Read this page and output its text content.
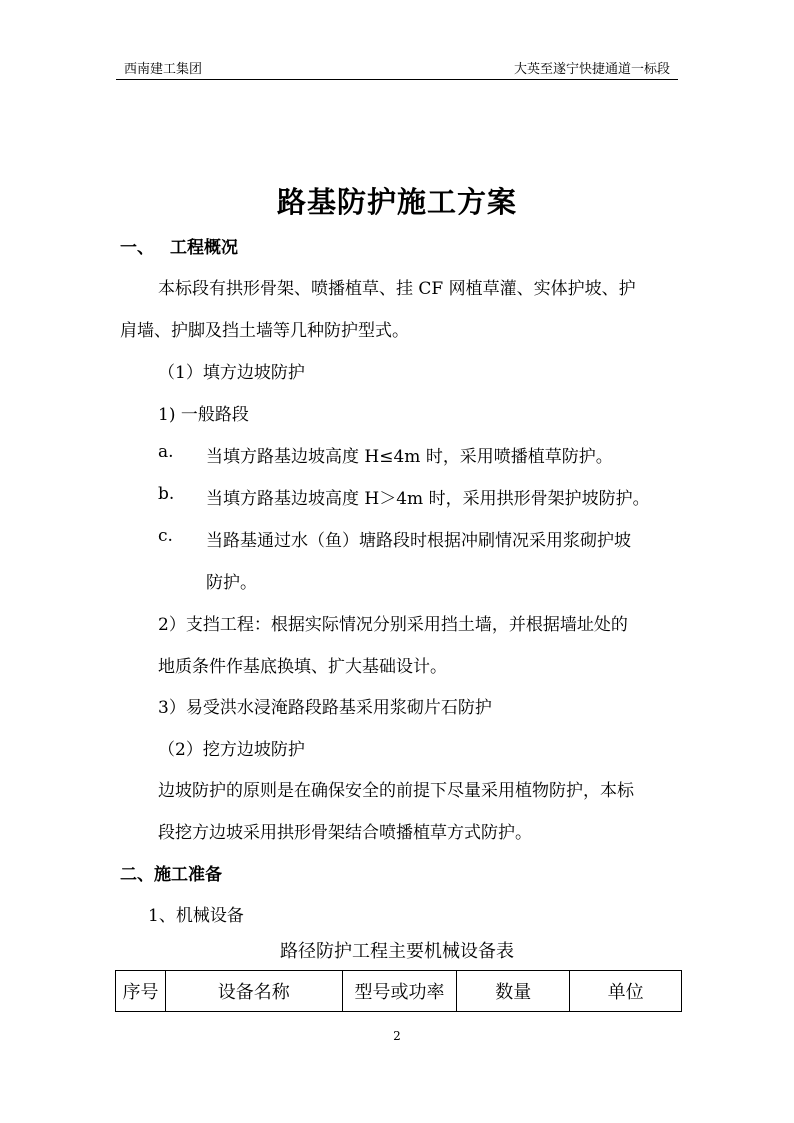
西南建工集团	大英至遂宁快捷通道一标段
路基防护施工方案
一、 工程概况
本标段有拱形骨架、喷播植草、挂 CF 网植草灌、实体护坡、护
肩墙、护脚及挡土墙等几种防护型式。
（1）填方边坡防护
1) 一般路段
a. 当填方路基边坡高度 H≤4m 时，采用喷播植草防护。
b. 当填方路基边坡高度 H＞4m 时，采用拱形骨架护坡防护。
c. 当路基通过水（鱼）塘路段时根据冲刷情况采用浆砌护坡
防护。
2）支挡工程：根据实际情况分别采用挡土墙，并根据墙址处的
地质条件作基底换填、扩大基础设计。
3）易受洪水浸淹路段路基采用浆砌片石防护
（2）挖方边坡防护
边坡防护的原则是在确保安全的前提下尽量采用植物防护，本标
段挖方边坡采用拱形骨架结合喷播植草方式防护。
二、施工准备
1、机械设备
路径防护工程主要机械设备表
序号	设备名称	型号或功率	数量	单位
2
